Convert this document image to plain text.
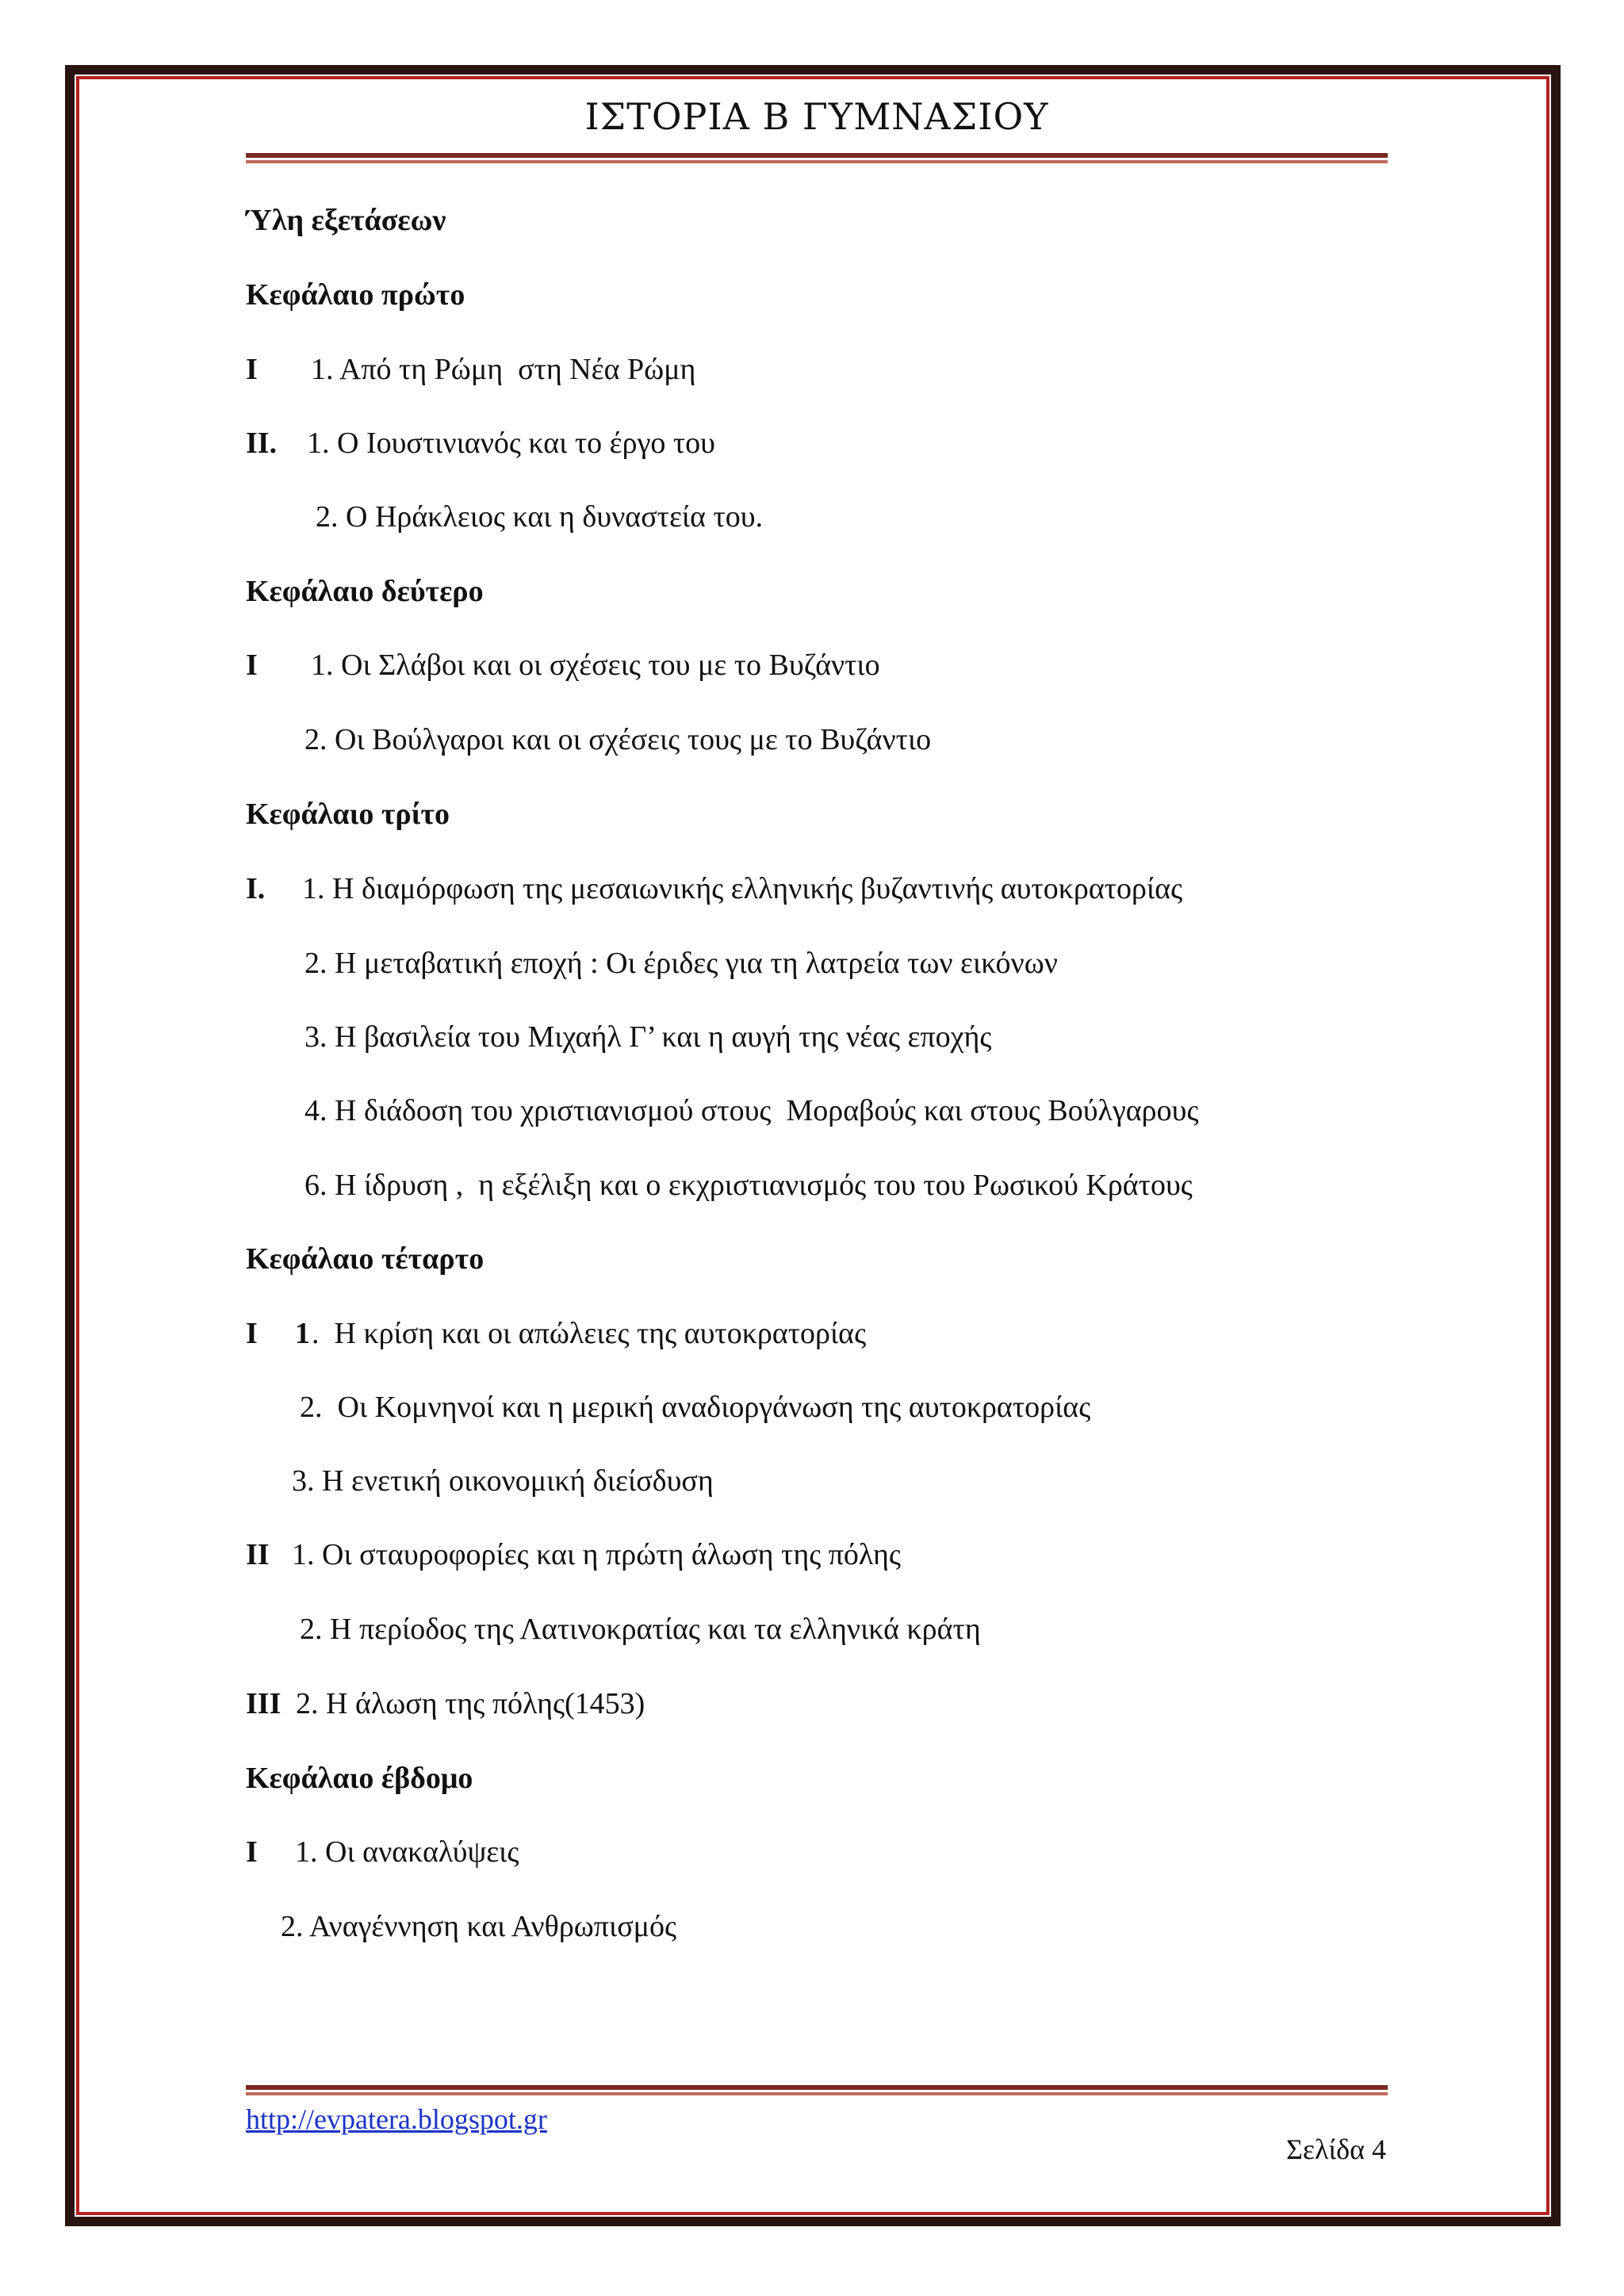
ΙΣΤΟΡΙΑ Β ΓΥΜΝΑΣΙΟΥ
Ύλη εξετάσεων
Κεφάλαιο πρώτο
Ι 1. Από τη Ρώμη  στη Νέα Ρώμη
ΙΙ. 1. Ο Ιουστινιανός και το έργο του
2. Ο Ηράκλειος και η δυναστεία του.
Κεφάλαιο δεύτερο
Ι 1. Οι Σλάβοι και οι σχέσεις του με το Βυζάντιο
2. Οι Βούλγαροι και οι σχέσεις τους με το Βυζάντιο
Κεφάλαιο τρίτο
Ι. 1. Η διαμόρφωση της μεσαιωνικής ελληνικής βυζαντινής αυτοκρατορίας
2. Η μεταβατική εποχή : Οι έριδες για τη λατρεία των εικόνων
3. Η βασιλεία του Μιχαήλ Γ’ και η αυγή της νέας εποχής
4. Η διάδοση του χριστιανισμού στους  Μοραβούς και στους Βούλγαρους
6. Η ίδρυση ,  η εξέλιξη και ο εκχριστιανισμός του του Ρωσικού Κράτους
Κεφάλαιο τέταρτο
Ι 1 .  Η κρίση και οι απώλειες της αυτοκρατορίας
2.  Οι Κομνηνοί και η μερική αναδιοργάνωση της αυτοκρατορίας
3. Η ενετική οικονομική διείσδυση
ΙΙ 1. Οι σταυροφορίες και η πρώτη άλωση της πόλης
2. Η περίοδος της Λατινοκρατίας και τα ελληνικά κράτη
ΙΙΙ 2. Η άλωση της πόλης(1453)
Κεφάλαιο έβδομο
Ι 1. Οι ανακαλύψεις
2. Αναγέννηση και Ανθρωπισμός
http://evpatera.blogspot.gr
Σελίδα 4
